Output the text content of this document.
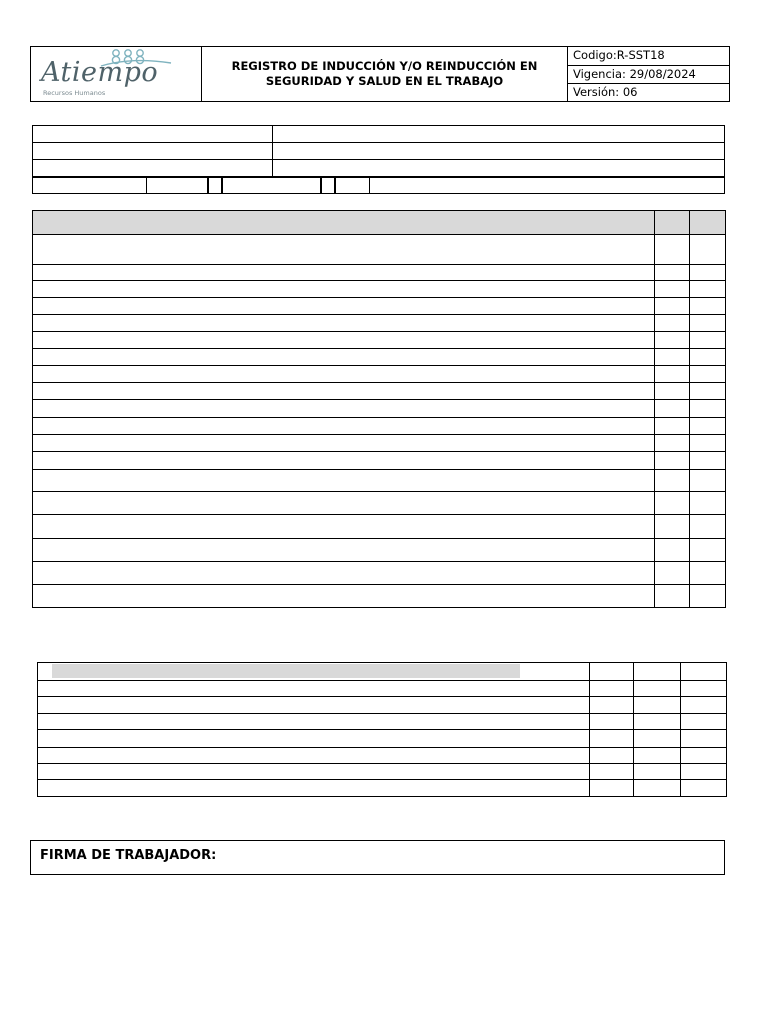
Atiempo
Recursos Humanos
REGISTRO DE INDUCCIÓN Y/O REINDUCCIÓN EN
SEGURIDAD Y SALUD EN EL TRABAJO
Codigo:R-SST18
Vigencia: 29/08/2024
Versión: 06
FIRMA DE TRABAJADOR:
